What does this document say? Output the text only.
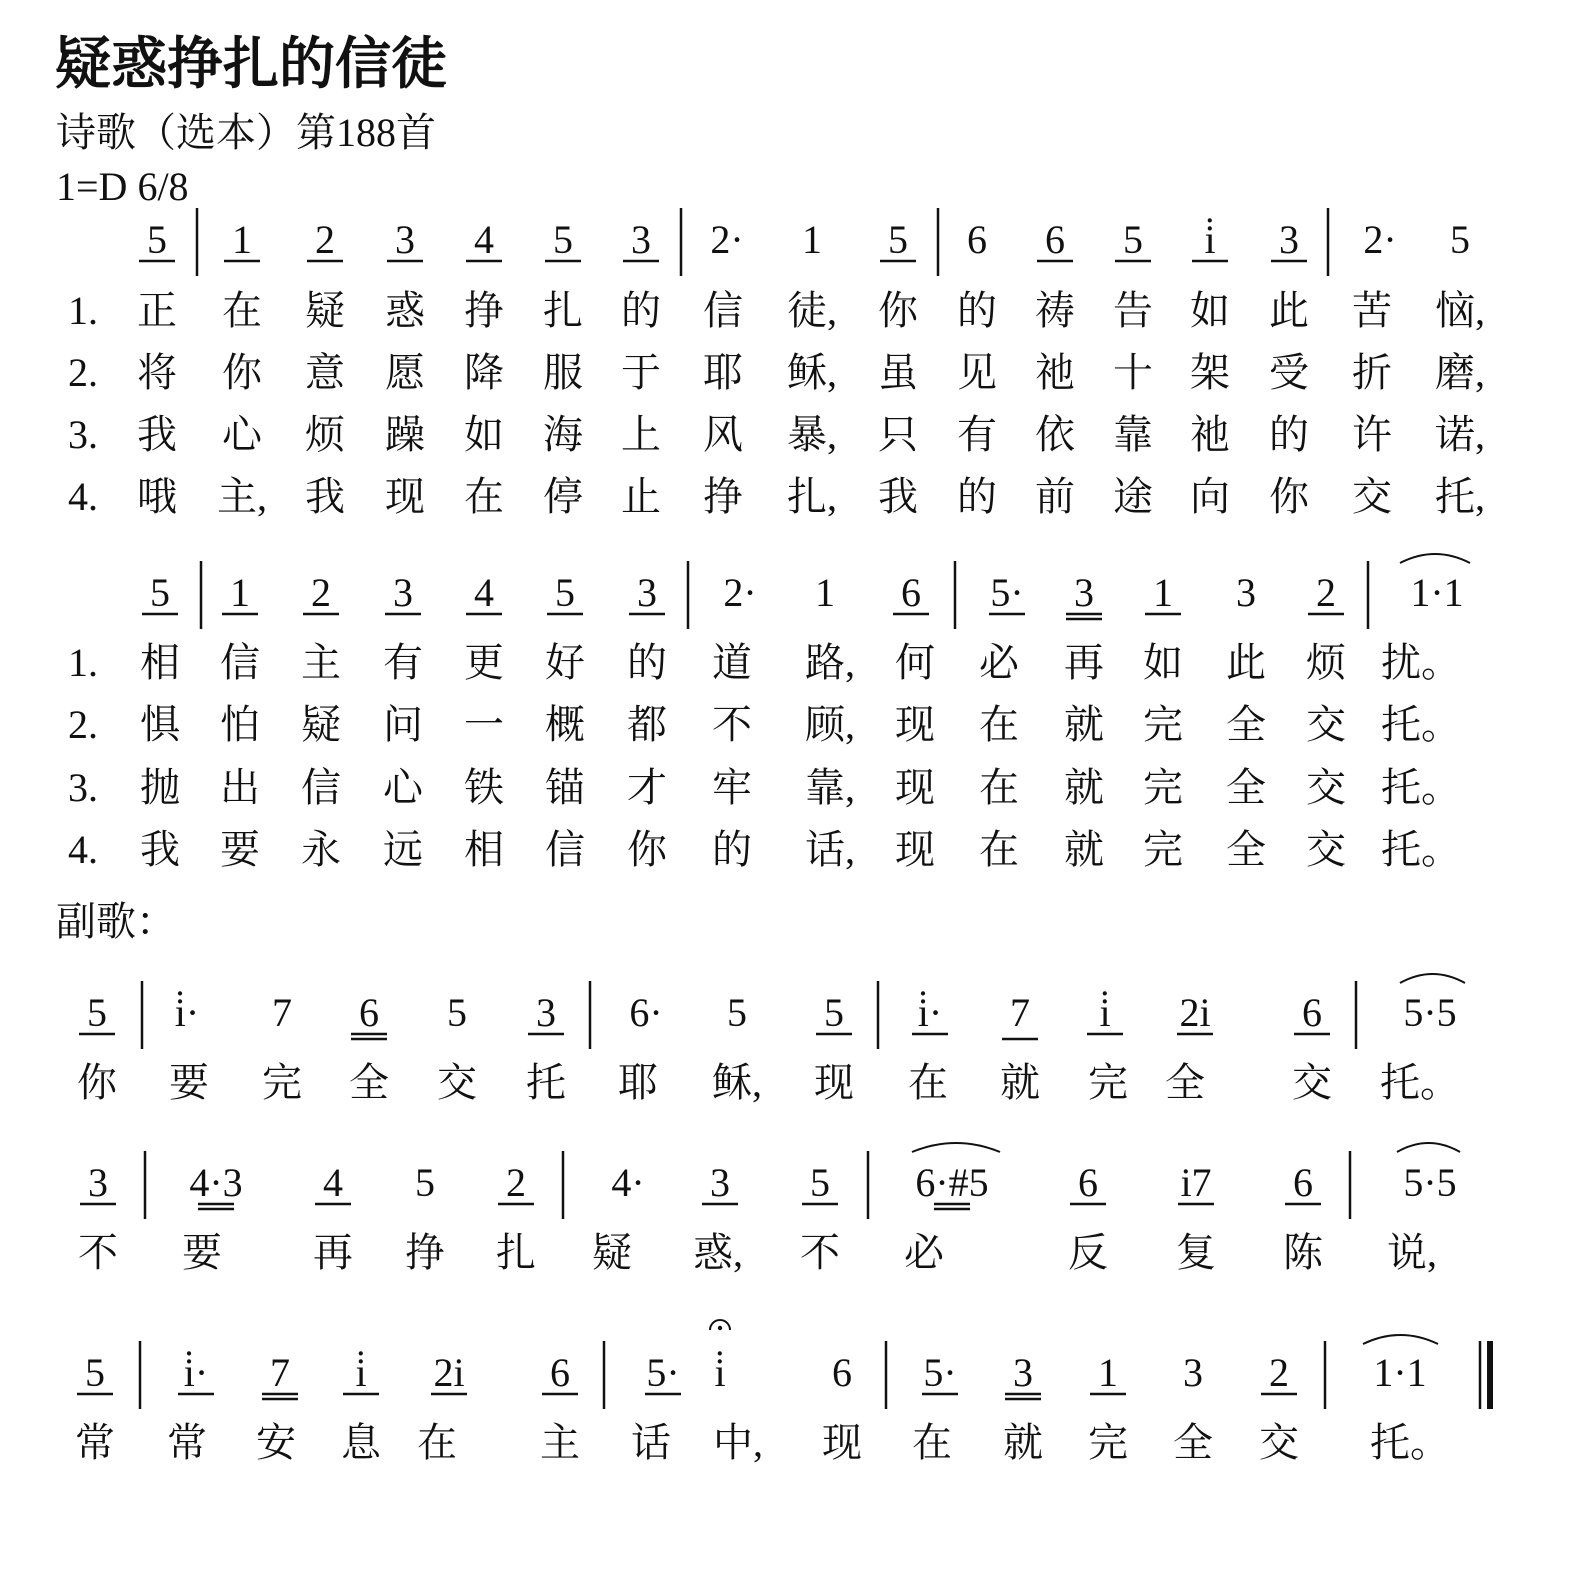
疑惑挣扎的信徒
诗歌（选本）第188首
1=D 6/8
副歌：
5 1 2 3 4 5 3 2· 1 5 6 6 5 i̇ 3 2· 5
1. 正 在 疑 惑 挣 扎 的 信 徒, 你 的 祷 告 如 此 苦 恼,
2. 将 你 意 愿 降 服 于 耶 稣, 虽 见 祂 十 架 受 折 磨,
3. 我 心 烦 躁 如 海 上 风 暴, 只 有 依 靠 祂 的 许 诺,
4. 哦 主, 我 现 在 停 止 挣 扎, 我 的 前 途 向 你 交 托,
5 1 2 3 4 5 3 2· 1 6 5· 3 1 3 2 1·1
1. 相 信 主 有 更 好 的 道 路, 何 必 再 如 此 烦 扰。
2. 惧 怕 疑 问 一 概 都 不 顾, 现 在 就 完 全 交 托。
3. 抛 出 信 心 铁 锚 才 牢 靠, 现 在 就 完 全 交 托。
4. 我 要 永 远 相 信 你 的 话, 现 在 就 完 全 交 托。
5 i̇· 7 6 5 3 6· 5 5 i̇· 7 i̇ 2i 6 5·5
你 要 完 全 交 托 耶 稣, 现 在 就 完 全 交 托。
3 4·3 4 5 2 4· 3 5 6·#5 6 i7 6 5·5
不 要 再 挣 扎 疑 惑, 不 必	反 复 陈 说,
5 i̇· 7 i̇ 2i 6 5· i̇	6 5· 3 1 3 2 1·1
常 常 安 息 在 主 话 中, 现 在 就 完 全 交 托。
